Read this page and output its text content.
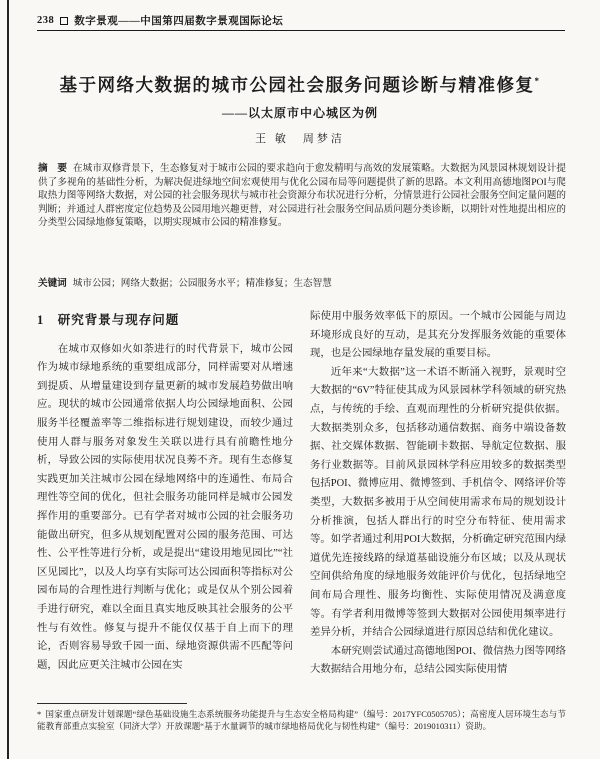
238 数字景观——中国第四届数字景观国际论坛
基于网络大数据的城市公园社会服务问题诊断与精准修复*
——以太原市中心城区为例
王 敏　周梦洁

摘　要 在城市双修背景下，生态修复对于城市公园的要求趋向于愈发精明与高效的发展策略。大数据为风景园林规划设计提供了多视角的基础性分析，为解决促进绿地空间宏观使用与优化公园布局等问题提供了新的思路。本文利用高德地图POI与爬取热力图等网络大数据，对公园的社会服务现状与城市社会资源分布状况进行分析，分情景进行公园社会服务空间定量问题的判断；并通过人群密度定位趋势及公园用地兴趣更替，对公园进行社会服务空间品质问题分类诊断，以期针对性地提出相应的分类型公园绿地修复策略，以期实现城市公园的精准修复。

关键词 城市公园；网络大数据；公园服务水平；精准修复；生态智慧

1　研究背景与现存问题

在城市双修如火如荼进行的时代背景下，城市公园作为城市绿地系统的重要组成部分，同样需要对从增速到提质、从增量建设到存量更新的城市发展趋势做出响应。现状的城市公园通常依据人均公园绿地面积、公园服务半径覆盖率等二维指标进行规划建设，而较少通过使用人群与服务对象发生关联以进行具有前瞻性地分析，导致公园的实际使用状况良莠不齐。现有生态修复实践更加关注城市公园在绿地网络中的连通性、布局合理性等空间的优化，但社会服务功能同样是城市公园发挥作用的重要部分。已有学者对城市公园的社会服务功能做出研究，但多从规划配置对公园的服务范围、可达性、公平性等进行分析，或是提出“建设用地见园比”“社区见园比”，以及人均享有实际可达公园面积等指标对公园布局的合理性进行判断与优化；或是仅从个别公园着手进行研究，难以全面且真实地反映其社会服务的公平性与有效性。修复与提升不能仅仅基于自上而下的理论，否则容易导致千园一面、绿地资源供需不匹配等问题，因此应更关注城市公园在实

际使用中服务效率低下的原因。一个城市公园能与周边环境形成良好的互动，是其充分发挥服务效能的重要体现，也是公园绿地存量发展的重要目标。

近年来“大数据”这一术语不断涌入视野，景观时空大数据的“6V”特征使其成为风景园林学科领域的研究热点，与传统的手绘、直观而理性的分析研究提供依据。大数据类别众多，包括移动通信数据、商务中端设备数据、社交媒体数据、智能刷卡数据、导航定位数据、服务行业数据等。目前风景园林学科应用较多的数据类型包括POI、微博应用、微博签到、手机信令、网络评价等类型，大数据多被用于从空间使用需求布局的规划设计分析推演，包括人群出行的时空分布特征、使用需求等。如学者通过利用POI大数据，分析确定研究范围内绿道优先连接线路的绿道基础设施分布区域；以及从现状空间供给角度的绿地服务效能评价与优化，包括绿地空间布局合理性、服务均衡性、实际使用情况及满意度等。有学者利用微博等签到大数据对公园使用频率进行差异分析，并结合公园绿道进行原因总结和优化建议。

本研究则尝试通过高德地图POI、微信热力图等网络大数据结合用地分布，总结公园实际使用情

* 国家重点研发计划课题“绿色基础设施生态系统服务功能提升与生态安全格局构建”（编号：2017YFC0505705）；高密度人居环境生态与节能教育部重点实验室（同济大学）开放课题“基于水量调节的城市绿地格局优化与韧性构建”（编号：2019010311）资助。
